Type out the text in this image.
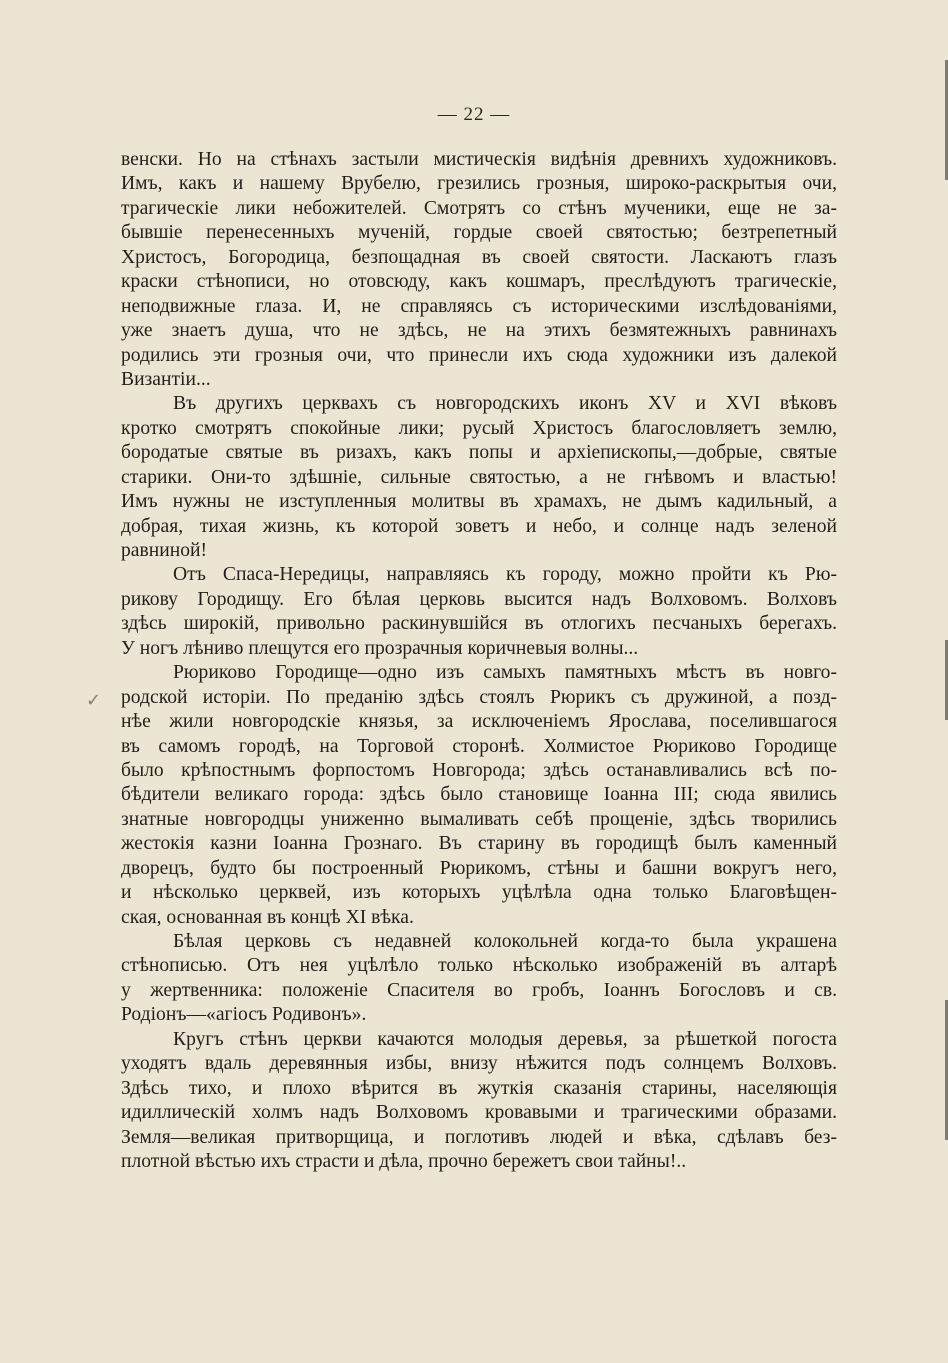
— 22 —
венски. Но на стѣнахъ застыли мистическія видѣнія древнихъ художниковъ.
Имъ, какъ и нашему Врубелю, грезились грозныя, широко-раскрытыя очи,
трагическіе лики небожителей. Смотрятъ со стѣнъ мученики, еще не за-
бывшіе перенесенныхъ мученій, гордые своей святостью; безтрепетный
Христосъ, Богородица, безпощадная въ своей святости. Ласкаютъ глазъ
краски стѣнописи, но отовсюду, какъ кошмаръ, преслѣдуютъ трагическіе,
неподвижные глаза. И, не справляясь съ историческими изслѣдованіями,
уже знаетъ душа, что не здѣсь, не на этихъ безмятежныхъ равнинахъ
родились эти грозныя очи, что принесли ихъ сюда художники изъ далекой
Византіи...
Въ другихъ церквахъ съ новгородскихъ иконъ XV и XVI вѣковъ
кротко смотрятъ спокойные лики; русый Христосъ благословляетъ землю,
бородатые святые въ ризахъ, какъ попы и архіепископы,—добрые, святые
старики. Они-то здѣшніе, сильные святостью, а не гнѣвомъ и властью!
Имъ нужны не изступленныя молитвы въ храмахъ, не дымъ кадильный, а
добрая, тихая жизнь, къ которой зоветъ и небо, и солнце надъ зеленой
равниной!
Отъ Спаса-Нередицы, направляясь къ городу, можно пройти къ Рю-
рикову Городищу. Его бѣлая церковь высится надъ Волховомъ. Волховъ
здѣсь широкій, привольно раскинувшійся въ отлогихъ песчаныхъ берегахъ.
У ногъ лѣниво плещутся его прозрачныя коричневыя волны...
Рюриково Городище—одно изъ самыхъ памятныхъ мѣстъ въ новго-
родской исторіи. По преданію здѣсь стоялъ Рюрикъ съ дружиной, а позд-
нѣе жили новгородскіе князья, за исключеніемъ Ярослава, поселившагося
въ самомъ городѣ, на Торговой сторонѣ. Холмистое Рюриково Городище
было крѣпостнымъ форпостомъ Новгорода; здѣсь останавливались всѣ по-
бѣдители великаго города: здѣсь было становище Іоанна III; сюда явились
знатные новгородцы униженно вымаливать себѣ прощеніе, здѣсь творились
жестокія казни Іоанна Грознаго. Въ старину въ городищѣ былъ каменный
дворецъ, будто бы построенный Рюрикомъ, стѣны и башни вокругъ него,
и нѣсколько церквей, изъ которыхъ уцѣлѣла одна только Благовѣщен-
ская, основанная въ концѣ XI вѣка.
Бѣлая церковь съ недавней колокольней когда-то была украшена
стѣнописью. Отъ нея уцѣлѣло только нѣсколько изображеній въ алтарѣ
у жертвенника: положеніе Спасителя во гробъ, Іоаннъ Богословъ и св.
Родіонъ—«агіосъ Родивонъ».
Кругъ стѣнъ церкви качаются молодыя деревья, за рѣшеткой погоста
уходятъ вдаль деревянныя избы, внизу нѣжится подъ солнцемъ Волховъ.
Здѣсь тихо, и плохо вѣрится въ жуткія сказанія старины, населяющія
идиллическій холмъ надъ Волховомъ кровавыми и трагическими образами.
Земля—великая притворщица, и поглотивъ людей и вѣка, сдѣлавъ без-
плотной вѣстью ихъ страсти и дѣла, прочно бережетъ свои тайны!..
✓
